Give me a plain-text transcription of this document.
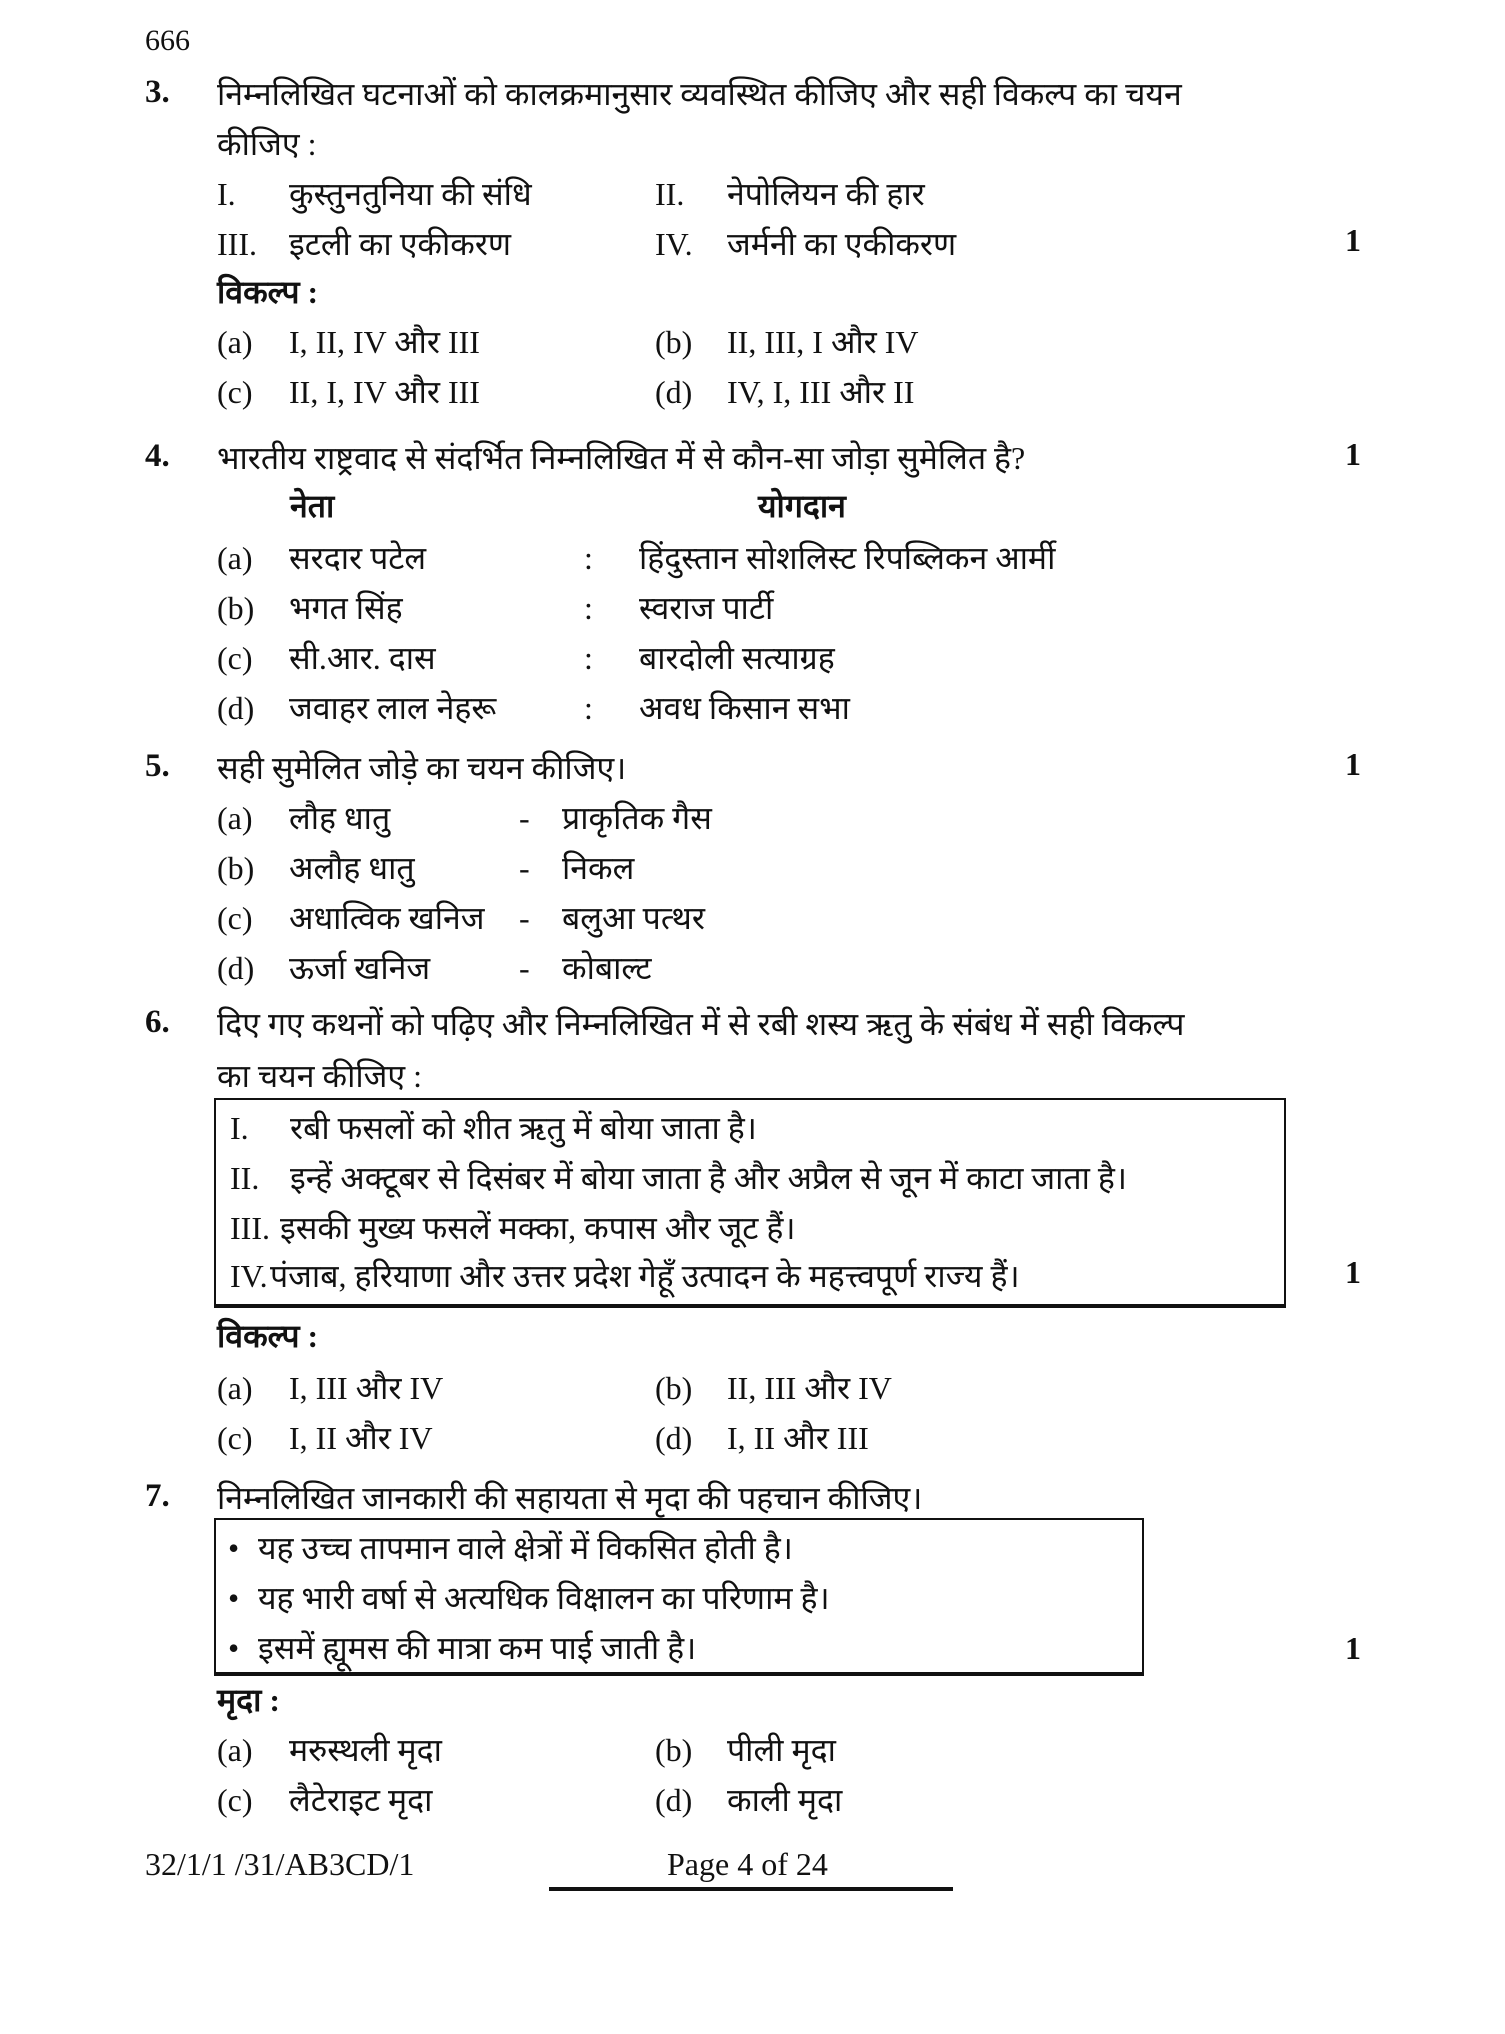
666
3. निम्नलिखित घटनाओं को कालक्रमानुसार व्यवस्थित कीजिए और सही विकल्प का चयन
कीजिए :
I. कुस्तुनतुनिया की संधि	II. नेपोलियन की हार
III. इटली का एकीकरण	IV. जर्मनी का एकीकरण	1
विकल्प :
(a) I, II, IV और III	(b) II, III, I और IV
(c) II, I, IV और III	(d) IV, I, III और II
4. भारतीय राष्ट्रवाद से संदर्भित निम्नलिखित में से कौन-सा जोड़ा सुमेलित है?	1
नेता	योगदान
(a) सरदार पटेल	: हिंदुस्तान सोशलिस्ट रिपब्लिकन आर्मी
(b) भगत सिंह	: स्वराज पार्टी
(c) सी.आर. दास	: बारदोली सत्याग्रह
(d) जवाहर लाल नेहरू	: अवध किसान सभा
5. सही सुमेलित जोड़े का चयन कीजिए।	1
(a) लौह धातु	- प्राकृतिक गैस
(b) अलौह धातु	- निकल
(c) अधात्विक खनिज - बलुआ पत्थर
(d) ऊर्जा खनिज	- कोबाल्ट
6. दिए गए कथनों को पढ़िए और निम्नलिखित में से रबी शस्य ऋतु के संबंध में सही विकल्प
का चयन कीजिए :
I. रबी फसलों को शीत ऋतु में बोया जाता है।
II. इन्हें अक्टूबर से दिसंबर में बोया जाता है और अप्रैल से जून में काटा जाता है।
III. इसकी मुख्य फसलें मक्का, कपास और जूट हैं।
IV.पंजाब, हरियाणा और उत्तर प्रदेश गेहूँ उत्पादन के महत्त्वपूर्ण राज्य हैं।	1
विकल्प :
(a) I, III और IV	(b) II, III और IV
(c) I, II और IV	(d) I, II और III
7. निम्नलिखित जानकारी की सहायता से मृदा की पहचान कीजिए।
• यह उच्च तापमान वाले क्षेत्रों में विकसित होती है।
• यह भारी वर्षा से अत्यधिक विक्षालन का परिणाम है।
• इसमें ह्यूमस की मात्रा कम पाई जाती है।	1
मृदा :
(a) मरुस्थली मृदा	(b) पीली मृदा
(c) लैटेराइट मृदा	(d) काली मृदा
32/1/1 /31/AB3CD/1	Page 4 of 24
